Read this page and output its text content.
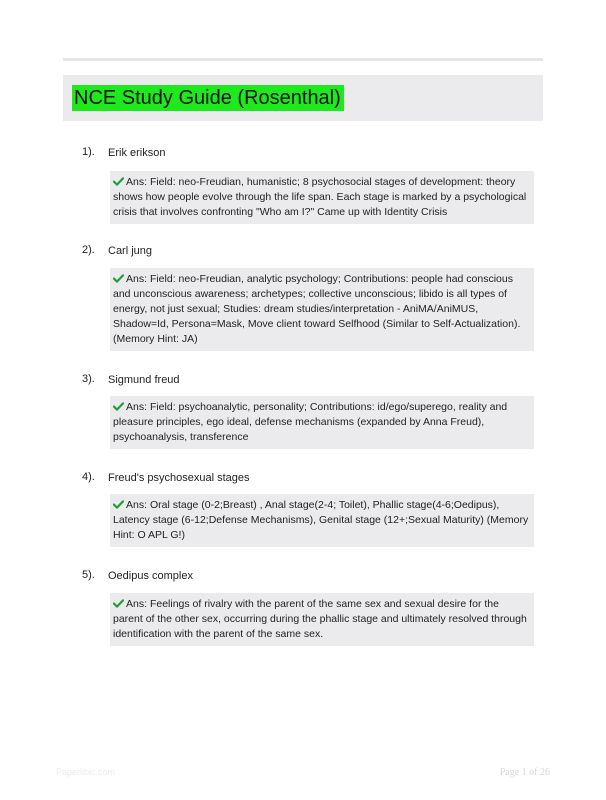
NCE Study Guide (Rosenthal)
1). Erik erikson
Ans: Field: neo-Freudian, humanistic; 8 psychosocial stages of development: theory shows how people evolve through the life span. Each stage is marked by a psychological crisis that involves confronting "Who am I?" Came up with Identity Crisis
2). Carl jung
Ans: Field: neo-Freudian, analytic psychology; Contributions: people had conscious and unconscious awareness; archetypes; collective unconscious; libido is all types of energy, not just sexual; Studies: dream studies/interpretation - AniMA/AniMUS, Shadow=Id, Persona=Mask, Move client toward Selfhood (Similar to Self-Actualization). (Memory Hint: JA)
3). Sigmund freud
Ans: Field: psychoanalytic, personality; Contributions: id/ego/superego, reality and pleasure principles, ego ideal, defense mechanisms (expanded by Anna Freud), psychoanalysis, transference
4). Freud's psychosexual stages
Ans: Oral stage (0-2;Breast) , Anal stage(2-4; Toilet), Phallic stage(4-6;Oedipus), Latency stage (6-12;Defense Mechanisms), Genital stage (12+;Sexual Maturity) (Memory Hint: O APL G!)
5). Oedipus complex
Ans: Feelings of rivalry with the parent of the same sex and sexual desire for the parent of the other sex, occurring during the phallic stage and ultimately resolved through identification with the parent of the same sex.
Paperlibic.com	Page 1 of 26
